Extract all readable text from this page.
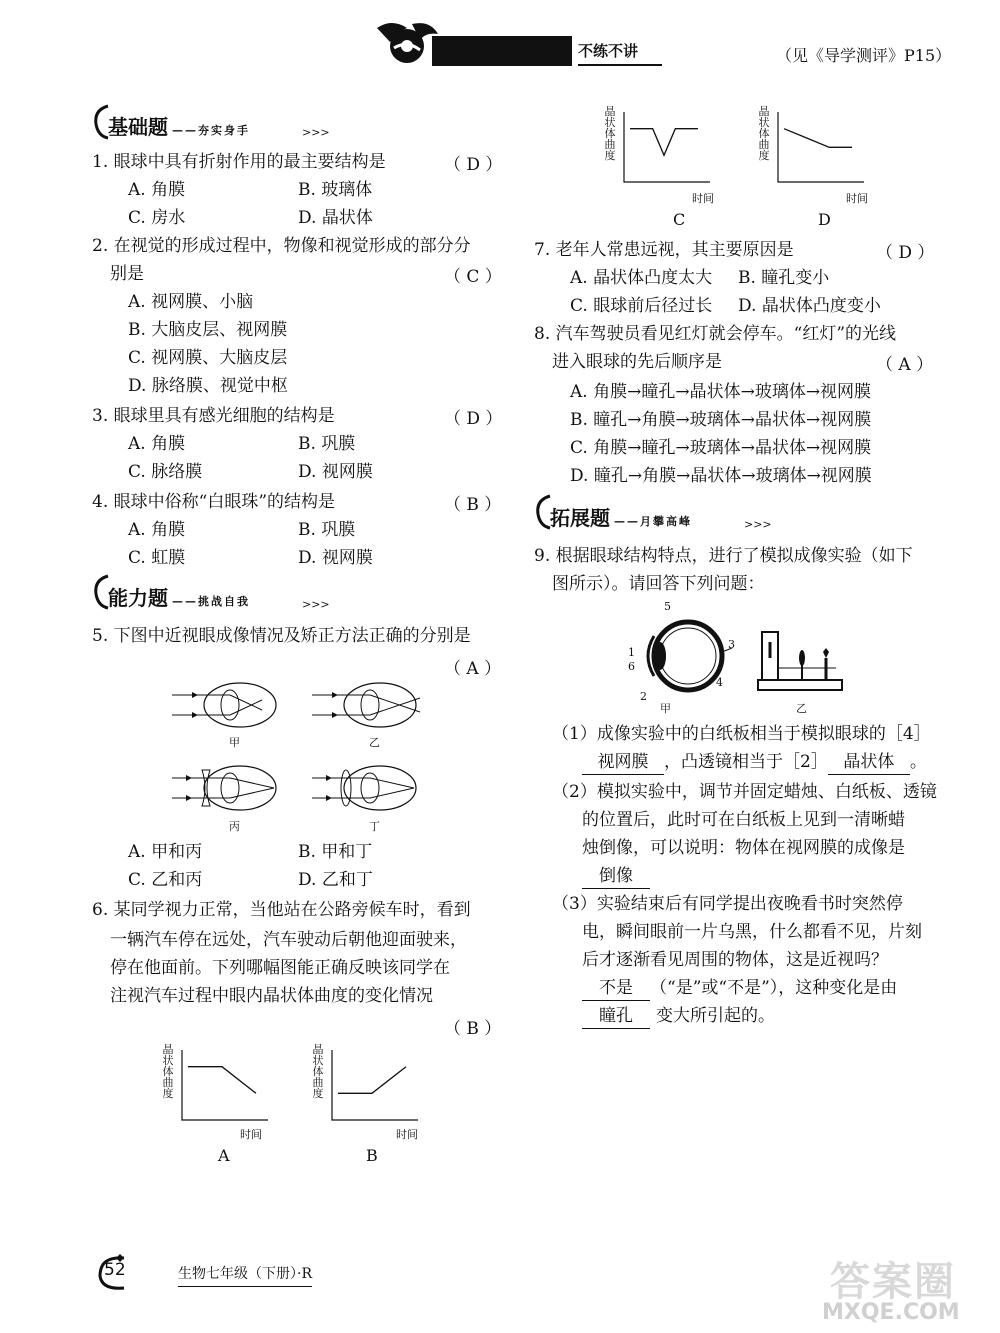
不练不讲	（见《导学测评》P15）
基础题 ——夯实身手	>>>
1. 眼球中具有折射作用的最主要结构是	（ D ）
A. 角膜	B. 玻璃体
C. 房水	D. 晶状体
2. 在视觉的形成过程中，物像和视觉形成的部分分
别是	（ C ）
A. 视网膜、小脑
B. 大脑皮层、视网膜
C. 视网膜、大脑皮层
D. 脉络膜、视觉中枢
3. 眼球里具有感光细胞的结构是	（ D ）
A. 角膜	B. 巩膜
C. 脉络膜	D. 视网膜
4. 眼球中俗称“白眼珠”的结构是	（ B ）
A. 角膜	B. 巩膜
C. 虹膜	D. 视网膜
能力题 ——挑战自我	>>>
5. 下图中近视眼成像情况及矫正方法正确的分别是
（ A ）
甲	乙
丙	丁
A. 甲和丙	B. 甲和丁
C. 乙和丙	D. 乙和丁
6. 某同学视力正常，当他站在公路旁候车时，看到
一辆汽车停在远处，汽车驶动后朝他迎面驶来，
停在他面前。下列哪幅图能正确反映该同学在
注视汽车过程中眼内晶状体曲度的变化情况
（ B ）
晶状体曲度
时间
A
晶状体曲度
时间
B
晶状体曲度
时间
C
晶状体曲度
时间
D
7. 老年人常患远视，其主要原因是	（ D ）
A. 晶状体凸度太大 B. 瞳孔变小
C. 眼球前后径过长 D. 晶状体凸度变小
8. 汽车驾驶员看见红灯就会停车。“红灯”的光线
进入眼球的先后顺序是	（ A ）
A. 角膜→瞳孔→晶状体→玻璃体→视网膜
B. 瞳孔→角膜→玻璃体→晶状体→视网膜
C. 角膜→瞳孔→玻璃体→晶状体→视网膜
D. 瞳孔→角膜→晶状体→玻璃体→视网膜
拓展题 ——月攀高峰	>>>
9. 根据眼球结构特点，进行了模拟成像实验（如下
图所示）。请回答下列问题：
5
1
6
2
3
4
甲	乙
（1）成像实验中的白纸板相当于模拟眼球的［4］
视网膜 ，凸透镜相当于［2］ 晶状体 。
（2）模拟实验中，调节并固定蜡烛、白纸板、透镜
的位置后，此时可在白纸板上见到一清晰蜡
烛倒像，可以说明：物体在视网膜的成像是
倒像
（3）实验结束后有同学提出夜晚看书时突然停
电，瞬间眼前一片乌黑，什么都看不见，片刻
后才逐渐看见周围的物体，这是近视吗？
不是 （“是”或“不是”），这种变化是由
瞳孔 变大所引起的。
52	生物七年级（下册）·R	答案圈
MXQE.COM
